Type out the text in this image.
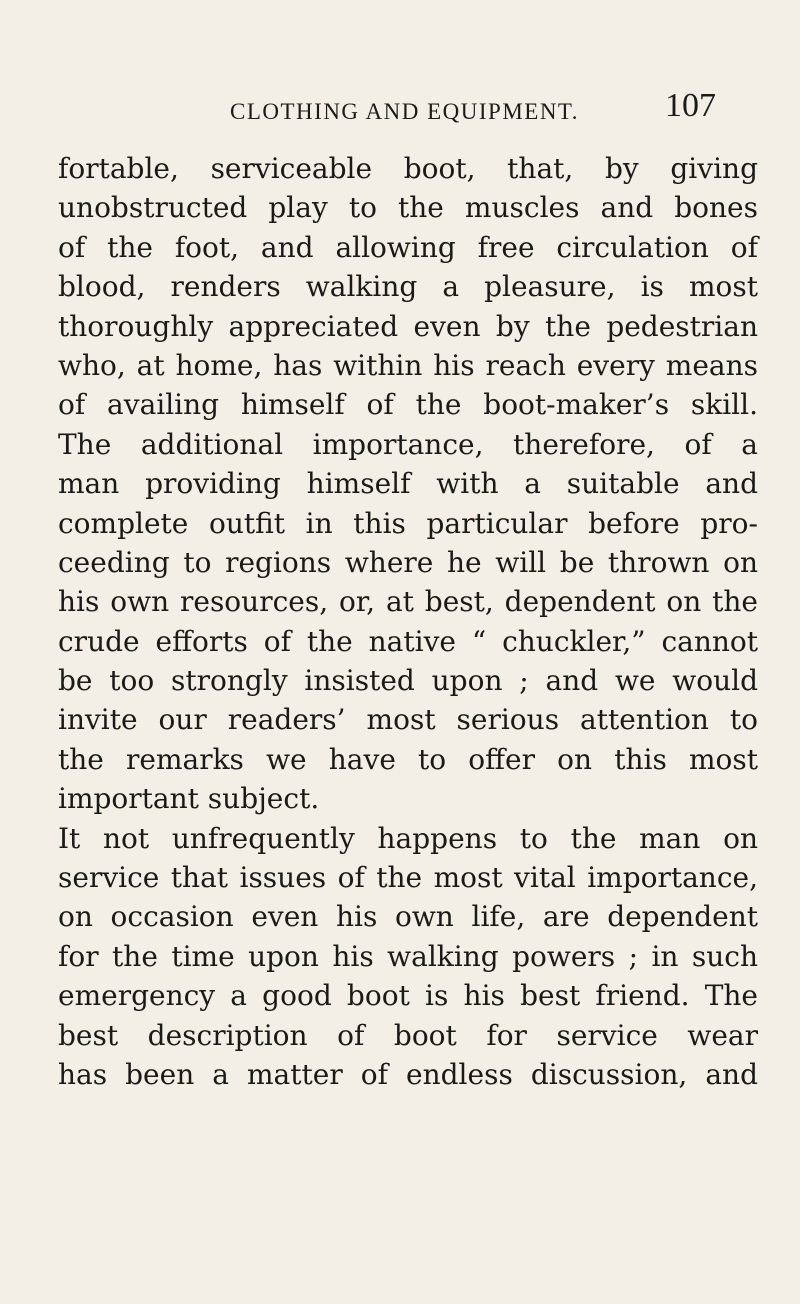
CLOTHING AND EQUIPMENT.	107
fortable, serviceable boot, that, by giving
unobstructed play to the muscles and bones
of the foot, and allowing free circulation of
blood, renders walking a pleasure, is most
thoroughly appreciated even by the pedestrian
who, at home, has within his reach every means
of availing himself of the boot-maker’s skill.
The additional importance, therefore, of a
man providing himself with a suitable and
complete outfit in this particular before pro-
ceeding to regions where he will be thrown on
his own resources, or, at best, dependent on the
crude efforts of the native “ chuckler,” cannot
be too strongly insisted upon ; and we would
invite our readers’ most serious attention to
the remarks we have to offer on this most
important subject.
It not unfrequently happens to the man on
service that issues of the most vital importance,
on occasion even his own life, are dependent
for the time upon his walking powers ; in such
emergency a good boot is his best friend. The
best description of boot for service wear
has been a matter of endless discussion, and
